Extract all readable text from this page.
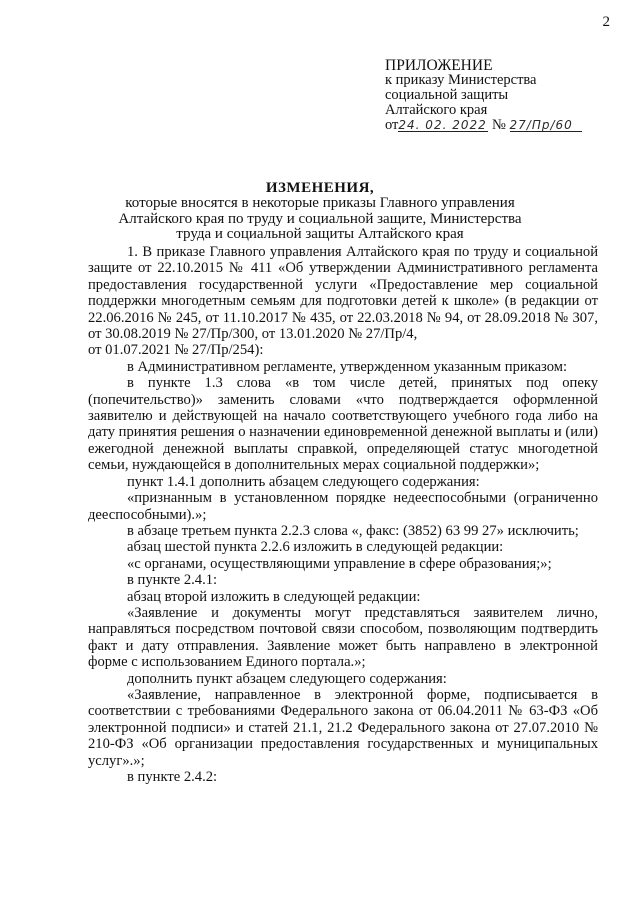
2
ПРИЛОЖЕНИЕ
к приказу Министерства
социальной защиты
Алтайского края
от24. 02. 2022 № 27/Пр/60
ИЗМЕНЕНИЯ,
которые вносятся в некоторые приказы Главного управления
Алтайского края по труду и социальной защите, Министерства
труда и социальной защиты Алтайского края

1. В приказе Главного управления Алтайского края по труду и социальной защите от 22.10.2015 № 411 «Об утверждении Административного регламента предоставления государственной услуги «Предоставление мер социальной поддержки многодетным семьям для подготовки детей к школе» (в редакции от 22.06.2016 № 245, от 11.10.2017 № 435, от 22.03.2018 № 94, от 28.09.2018 № 307, от 30.08.2019 № 27/Пр/300, от 13.01.2020 № 27/Пр/4,

от 01.07.2021 № 27/Пр/254):

в Административном регламенте, утвержденном указанным приказом:

в пункте 1.3 слова «в том числе детей, принятых под опеку (попечительство)» заменить словами «что подтверждается оформленной заявителю и действующей на начало соответствующего учебного года либо на дату принятия решения о назначении единовременной денежной выплаты и (или) ежегодной денежной выплаты справкой, определяющей статус многодетной семьи, нуждающейся в дополнительных мерах социальной поддержки»;

пункт 1.4.1 дополнить абзацем следующего содержания:

«признанным в установленном порядке недееспособными (ограниченно дееспособными).»;

в абзаце третьем пункта 2.2.3 слова «, факс: (3852) 63 99 27» исключить;

абзац шестой пункта 2.2.6 изложить в следующей редакции:

«с органами, осуществляющими управление в сфере образования;»;

в пункте 2.4.1:

абзац второй изложить в следующей редакции:

«Заявление и документы могут представляться заявителем лично, направляться посредством почтовой связи способом, позволяющим подтвердить факт и дату отправления. Заявление может быть направлено в электронной форме с использованием Единого портала.»;

дополнить пункт абзацем следующего содержания:

«Заявление, направленное в электронной форме, подписывается в соответствии с требованиями Федерального закона от 06.04.2011 № 63-ФЗ «Об электронной подписи» и статей 21.1, 21.2 Федерального закона от 27.07.2010 № 210-ФЗ «Об организации предоставления государственных и муниципальных услуг».»;

в пункте 2.4.2:
